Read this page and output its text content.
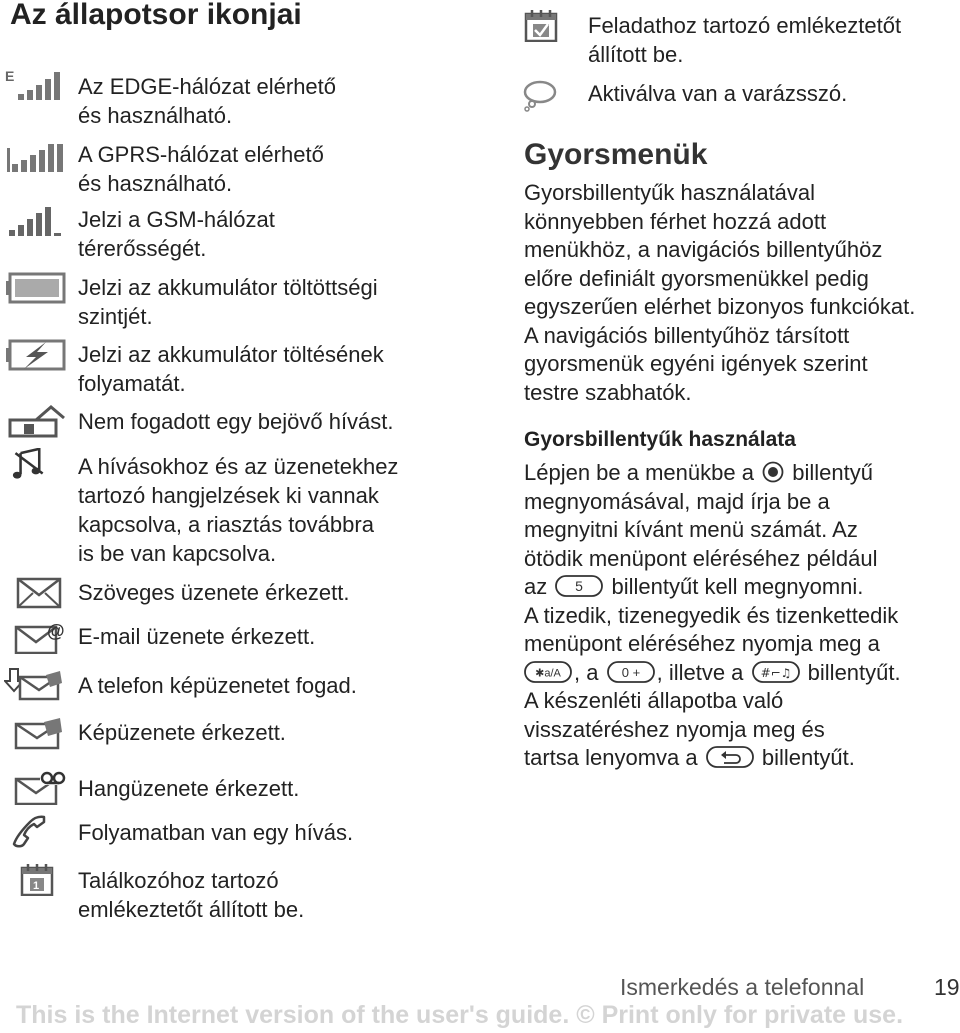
Az állapotsor ikonjai
E	Az EDGE-hálózat elérhető
és használható.
A GPRS-hálózat elérhető
és használható.
Jelzi a GSM-hálózat
térerősségét.
Jelzi az akkumulátor töltöttségi
szintjét.
Jelzi az akkumulátor töltésének
folyamatát.
Nem fogadott egy bejövő hívást.
A hívásokhoz és az üzenetekhez
tartozó hangjelzések ki vannak
kapcsolva, a riasztás továbbra
is be van kapcsolva.
Szöveges üzenete érkezett.
@ E-mail üzenete érkezett.
A telefon képüzenetet fogad.
Képüzenete érkezett.
Hangüzenete érkezett.
Folyamatban van egy hívás.
1 Találkozóhoz tartozó
emlékeztetőt állított be.
Feladathoz tartozó emlékeztetőt
állított be.
Aktiválva van a varázsszó.
Gyorsmenük
Gyorsbillentyűk használatával
könnyebben férhet hozzá adott
menükhöz, a navigációs billentyűhöz
előre definiált gyorsmenükkel pedig
egyszerűen elérhet bizonyos funkciókat.
A navigációs billentyűhöz társított
gyorsmenük egyéni igények szerint
testre szabhatók.
Gyorsbillentyűk használata
Lépjen be a menükbe a billentyű
megnyomásával, majd írja be a
megnyitni kívánt menü számát. Az
ötödik menüpont eléréséhez például
az 5 billentyűt kell megnyomni.
A tizedik, tizenegyedik és tizenkettedik
menüpont eléréséhez nyomja meg a
✱a/A , a 0 + , illetve a #⌐♫ billentyűt.
A készenléti állapotba való
visszatéréshez nyomja meg és
tartsa lenyomva a	billentyűt.
Ismerkedés a telefonnal	19
This is the Internet version of the user's guide. © Print only for private use.
